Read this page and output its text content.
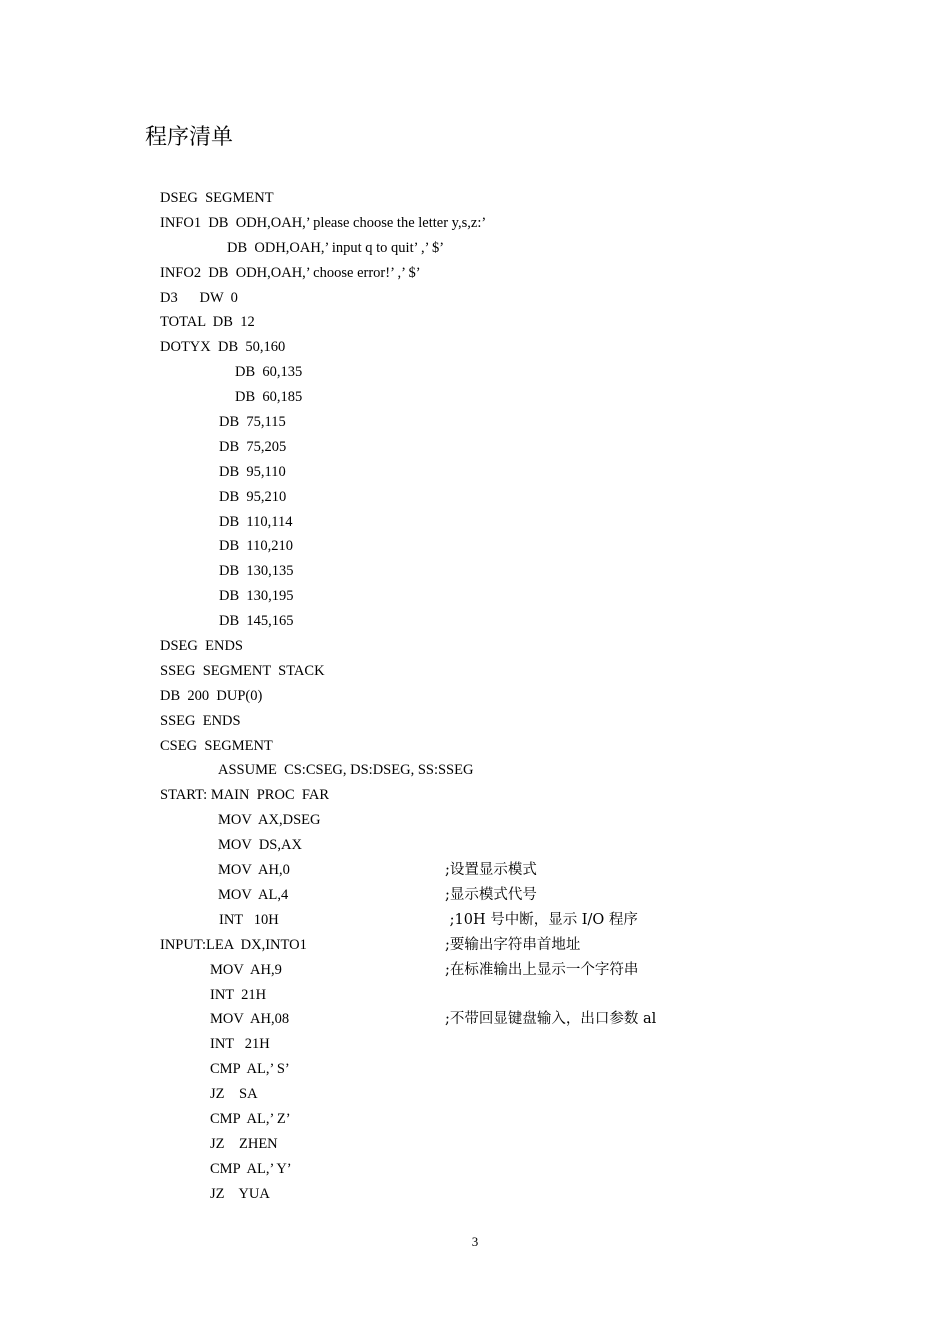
程序清单
DSEG  SEGMENT
INFO1  DB  ODH,OAH,’ please choose the letter y,s,z:’
DB  ODH,OAH,’ input q to quit’ ,’ $’
INFO2  DB  ODH,OAH,’ choose error!’ ,’ $’
D3      DW  0
TOTAL  DB  12
DOTYX  DB  50,160
DB  60,135
DB  60,185
DB  75,115
DB  75,205
DB  95,110
DB  95,210
DB  110,114
DB  110,210
DB  130,135
DB  130,195
DB  145,165
DSEG  ENDS
SSEG  SEGMENT  STACK
DB  200  DUP(0)
SSEG  ENDS
CSEG  SEGMENT
ASSUME  CS:CSEG, DS:DSEG, SS:SSEG
START: MAIN  PROC  FAR
MOV  AX,DSEG
MOV  DS,AX
MOV  AH,0	;设置显示模式
MOV  AL,4	;显示模式代号
INT   10H	;10H 号中断，显示 I/O 程序
INPUT:LEA  DX,INTO1	;要输出字符串首地址
MOV  AH,9	;在标准输出上显示一个字符串
INT  21H
MOV  AH,08	;不带回显键盘输入，出口参数 al
INT   21H
CMP  AL,’ S’
JZ    SA
CMP  AL,’ Z’
JZ    ZHEN
CMP  AL,’ Y’
JZ    YUA
3
